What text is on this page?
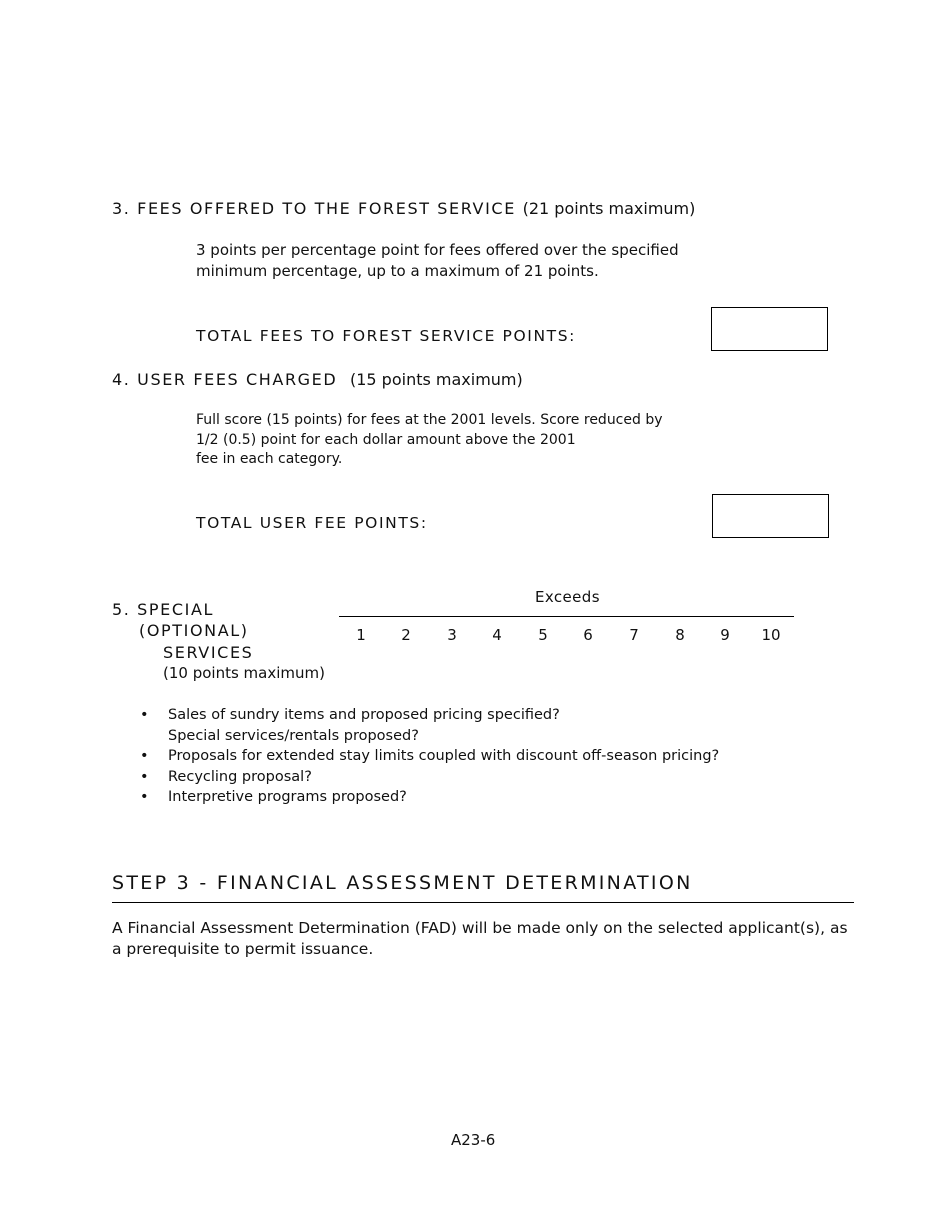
3. FEES OFFERED TO THE FOREST SERVICE (21 points maximum)
3 points per percentage point for fees offered over the specified
minimum percentage, up to a maximum of 21 points.
TOTAL FEES TO FOREST SERVICE POINTS:
4. USER FEES CHARGED (15 points maximum)
Full score (15 points) for fees at the 2001 levels. Score reduced by
1/2 (0.5) point for each dollar amount above the 2001
fee in each category.
TOTAL USER FEE POINTS:
5. SPECIAL
(OPTIONAL)
SERVICES
(10 points maximum)
Exceeds
1	2	3	4	5	6	7	8	9	10
• Sales of sundry items and proposed pricing specified?
Special services/rentals proposed?
• Proposals for extended stay limits coupled with discount off-season pricing?
• Recycling proposal?
• Interpretive programs proposed?
STEP 3 - FINANCIAL ASSESSMENT DETERMINATION
A Financial Assessment Determination (FAD) will be made only on the selected applicant(s), as
a prerequisite to permit issuance.
A23-6
